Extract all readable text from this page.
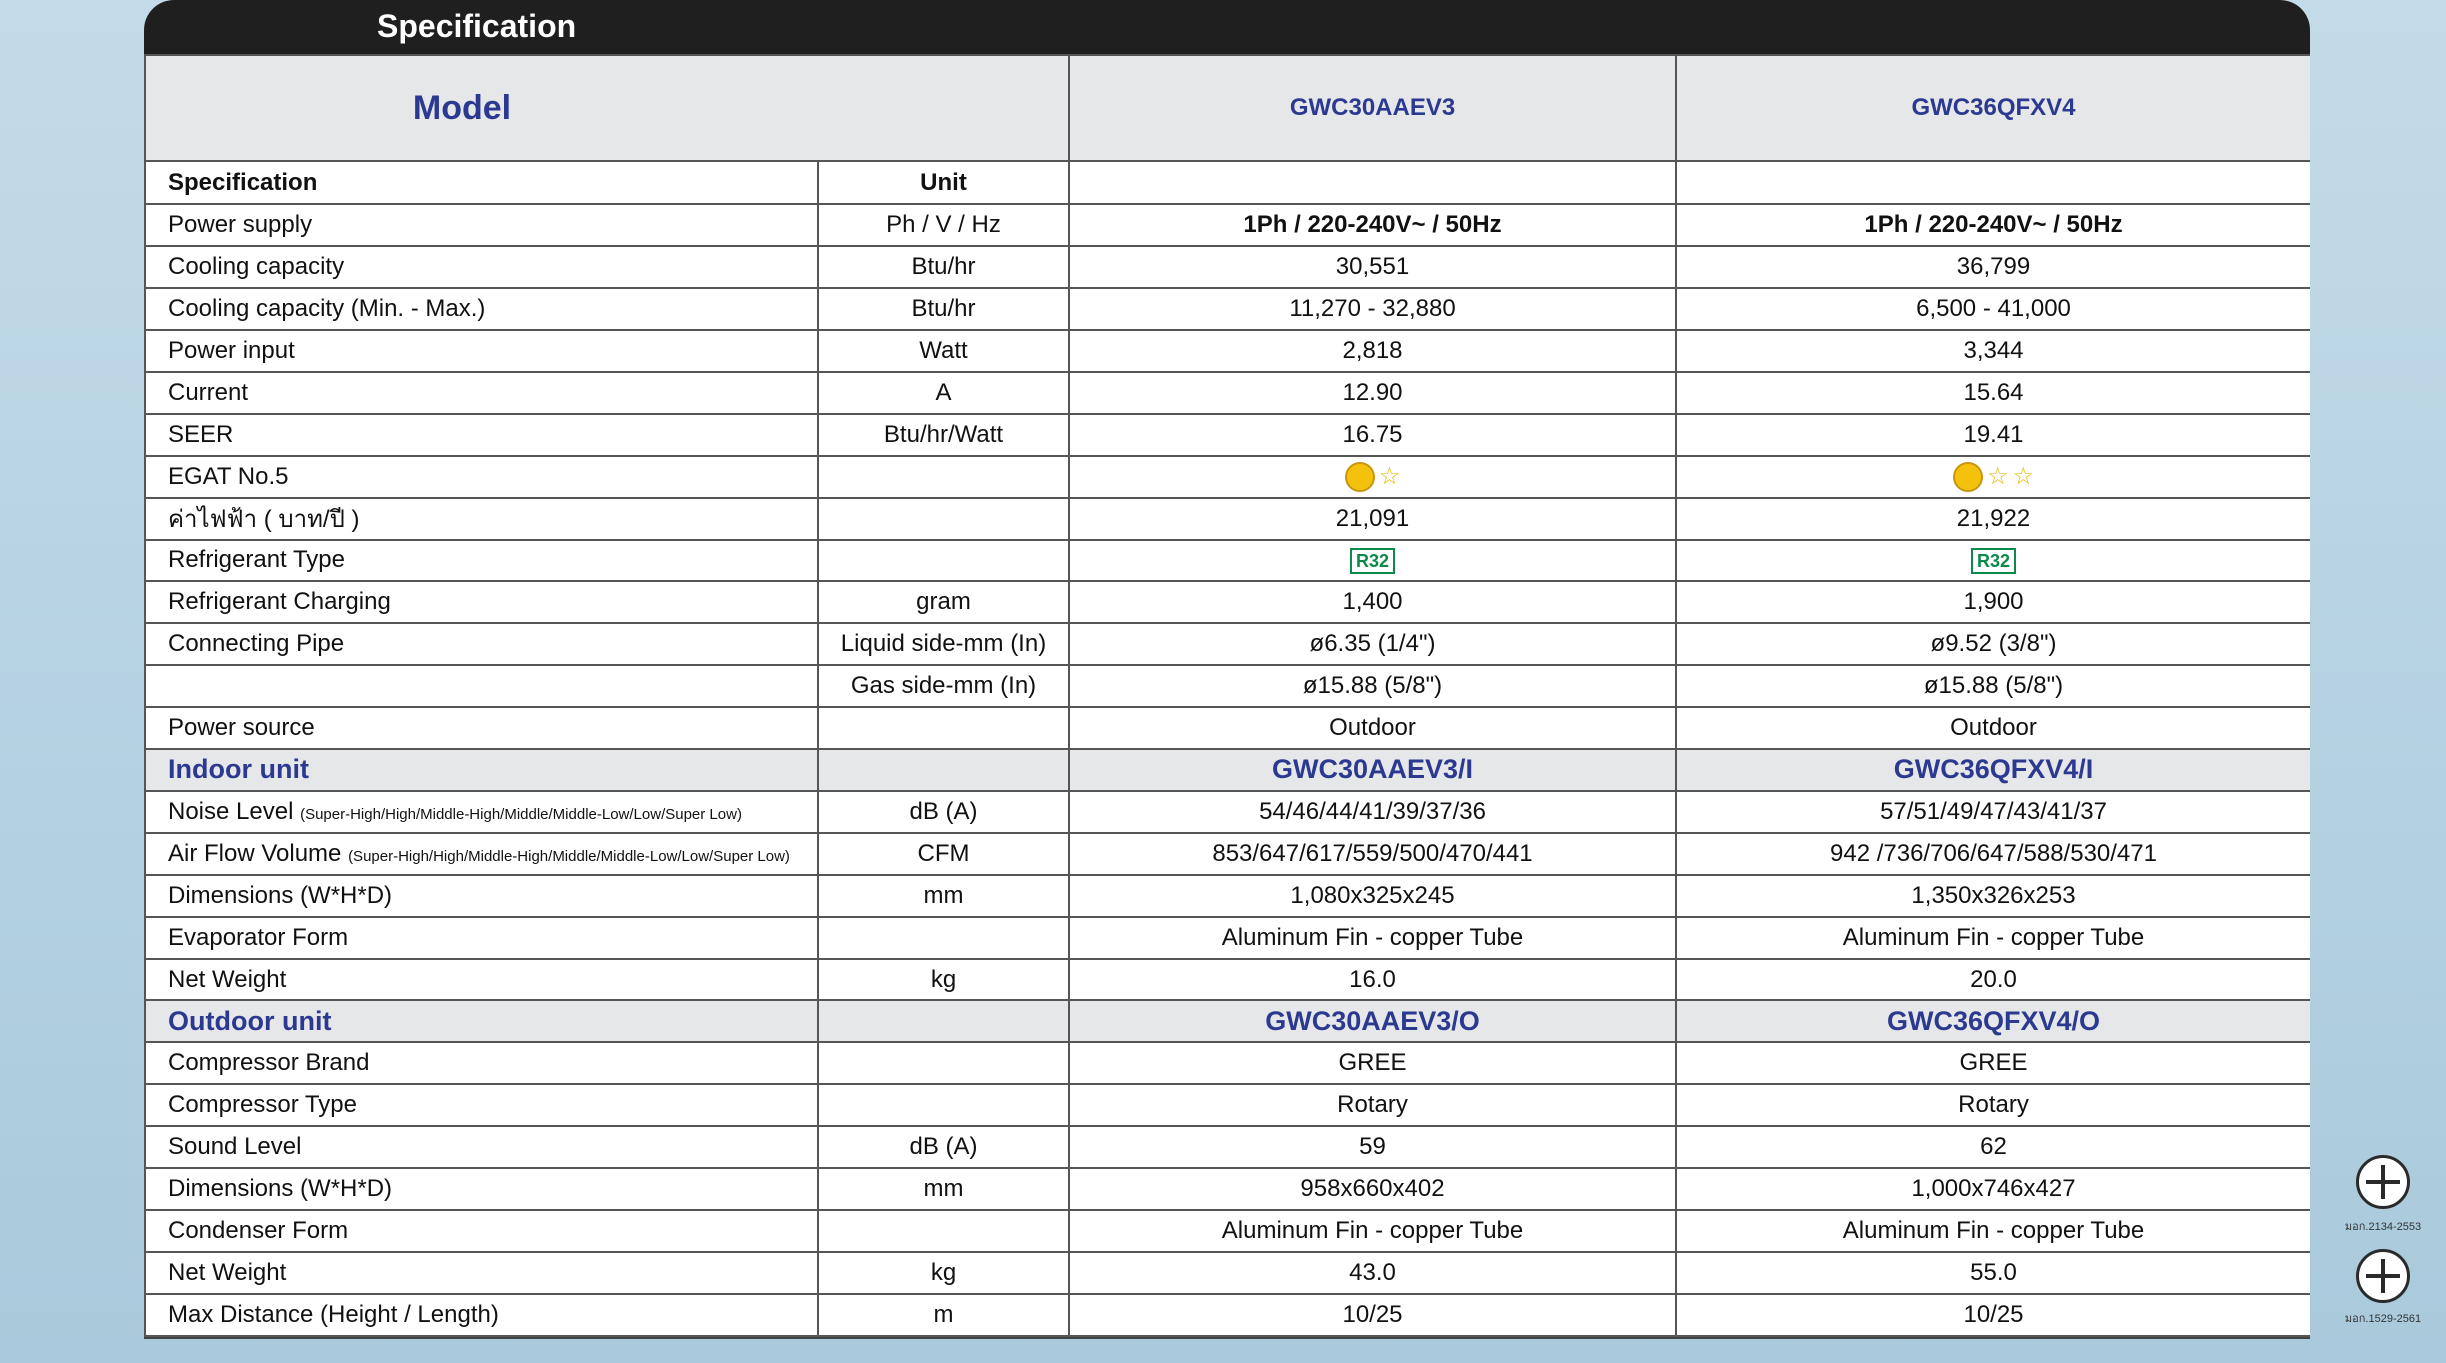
Specification
Model		GWC30AAEV3	GWC36QFXV4
Specification	Unit		
Power supply	Ph / V / Hz	1Ph / 220-240V~ / 50Hz	1Ph / 220-240V~ / 50Hz
Cooling capacity	Btu/hr	30,551	36,799
Cooling capacity (Min. - Max.)	Btu/hr	11,270 - 32,880	6,500 - 41,000
Power input	Watt	2,818	3,344
Current	A	12.90	15.64
SEER	Btu/hr/Watt	16.75	19.41
EGAT No.5		☆	☆ ☆

ค่าไฟฟ้า ( บาท/ปี )		21,091	21,922
Refrigerant Type		R32	R32
Refrigerant Charging	gram	1,400	1,900
Connecting Pipe	Liquid side-mm (In)	ø6.35 (1/4")	ø9.52 (3/8")
	Gas side-mm (In)	ø15.88 (5/8")	ø15.88 (5/8")
Power source		Outdoor	Outdoor
Indoor unit		GWC30AAEV3/I	GWC36QFXV4/I
Noise Level (Super-High/High/Middle-High/Middle/Middle-Low/Low/Super Low)	dB (A)	54/46/44/41/39/37/36	57/51/49/47/43/41/37
Air Flow Volume (Super-High/High/Middle-High/Middle/Middle-Low/Low/Super Low)	CFM	853/647/617/559/500/470/441	942 /736/706/647/588/530/471
Dimensions (W*H*D)	mm	1,080x325x245	1,350x326x253
Evaporator Form		Aluminum Fin - copper Tube	Aluminum Fin - copper Tube
Net Weight	kg	16.0	20.0
Outdoor unit		GWC30AAEV3/O	GWC36QFXV4/O
Compressor Brand		GREE	GREE
Compressor Type		Rotary	Rotary
Sound Level	dB (A)	59	62
Dimensions (W*H*D)	mm	958x660x402	1,000x746x427
Condenser Form		Aluminum Fin - copper Tube	Aluminum Fin - copper Tube
Net Weight	kg	43.0	55.0
Max Distance (Height / Length)	m	10/25	10/25
มอก.2134-2553
มอก.1529-2561
